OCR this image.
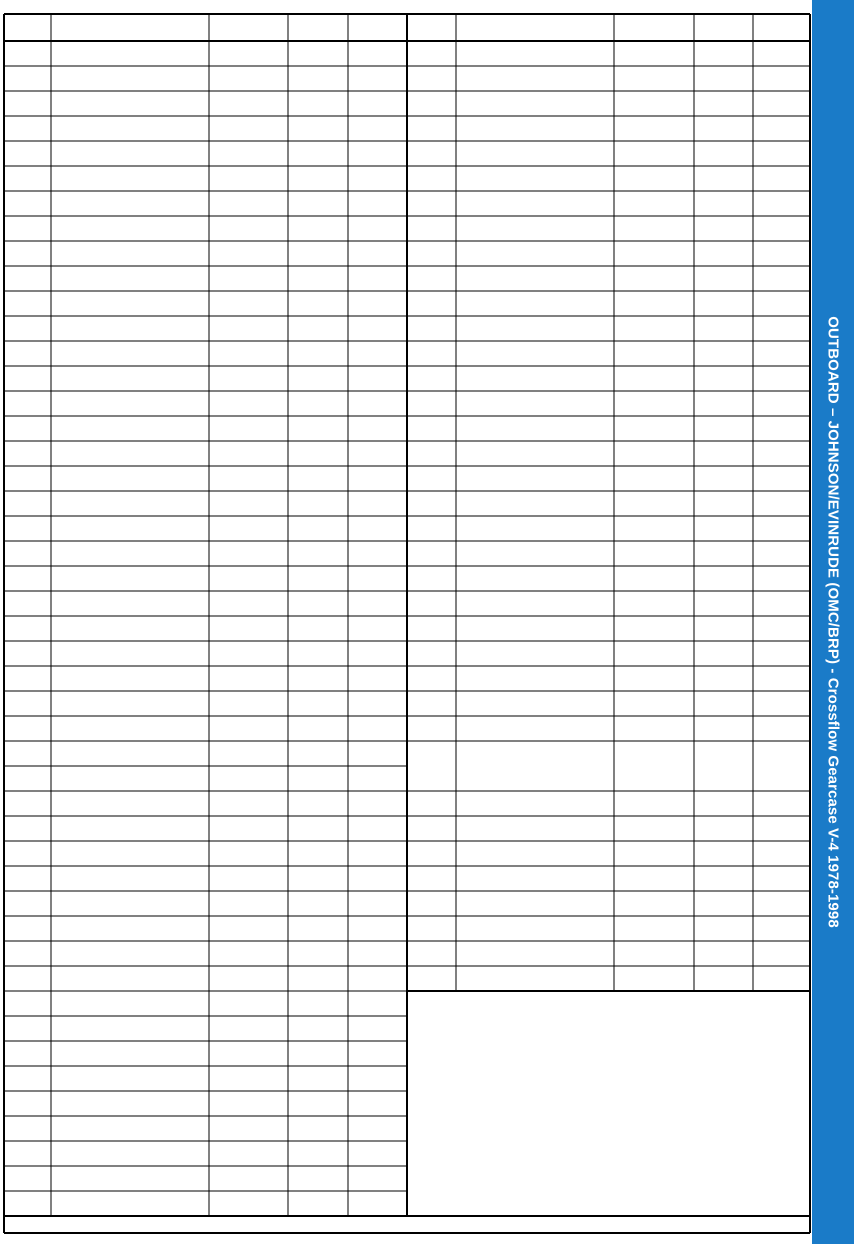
OUTBOARD – JOHNSON/EVINRUDE (OMC/BRP) - Crossflow Gearcase V-4 1978-1998
